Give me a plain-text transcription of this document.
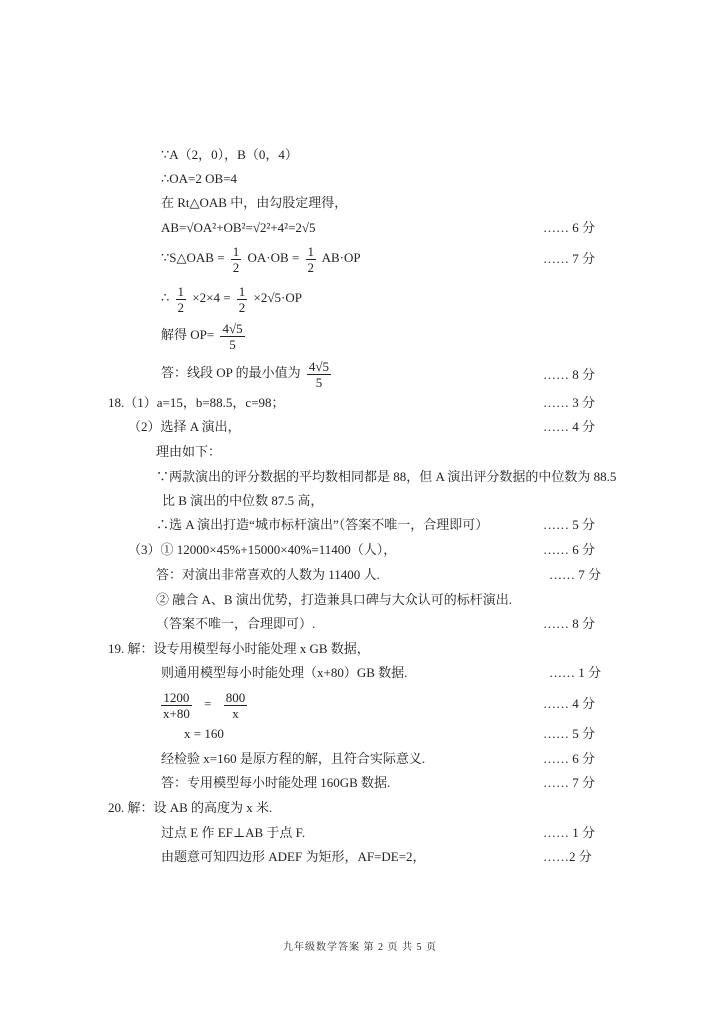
∵A（2，0），B（0，4）
∴OA=2 OB=4
在 Rt△OAB 中，由勾股定理得，
AB=√OA²+OB²=√2²+4²=2√5	…… 6 分
∵S△OAB = $\frac{1}{2} OA\cdot OB = \frac{1}{2} AB\cdot OP$	…… 7 分
∴ $\frac{1}{2} \times 2\times 4 = \frac{1}{2} \times 2√5\cdot OP$
解得 $OP= \frac{4√5}{5}$
答：线段 OP 的最小值为 $\frac{4√5}{5}$	…… 8 分
18.（1）a=15，b=88.5，c=98；	…… 3 分
（2）选择 A 演出，	…… 4 分
理由如下：
∵两款演出的评分数据的平均数相同都是 88，但 A 演出评分数据的中位数为 88.5
比 B 演出的中位数 87.5 高，
∴选 A 演出打造“城市标杆演出”（答案不唯一，合理即可）	…… 5 分
（3）① 12000×45%+15000×40%=11400（人），	…… 6 分
答：对演出非常喜欢的人数为 11400 人.	…… 7 分
② 融合 A、B 演出优势，打造兼具口碑与大众认可的标杆演出.
（答案不唯一，合理即可）.	…… 8 分
19. 解：设专用模型每小时能处理 x GB 数据，
则通用模型每小时能处理（x+80）GB 数据.	…… 1 分
$\frac{1200}{x+80} = \frac{800}{x}$	…… 4 分
x = 160	…… 5 分
经检验 x=160 是原方程的解，且符合实际意义.	…… 6 分
答：专用模型每小时能处理 160GB 数据.	…… 7 分
20. 解：设 AB 的高度为 x 米.
过点 E 作 EF⊥AB 于点 F.	…… 1 分
由题意可知四边形 ADEF 为矩形，AF=DE=2，	……2 分
九年级数学答案 第 2 页 共 5 页
